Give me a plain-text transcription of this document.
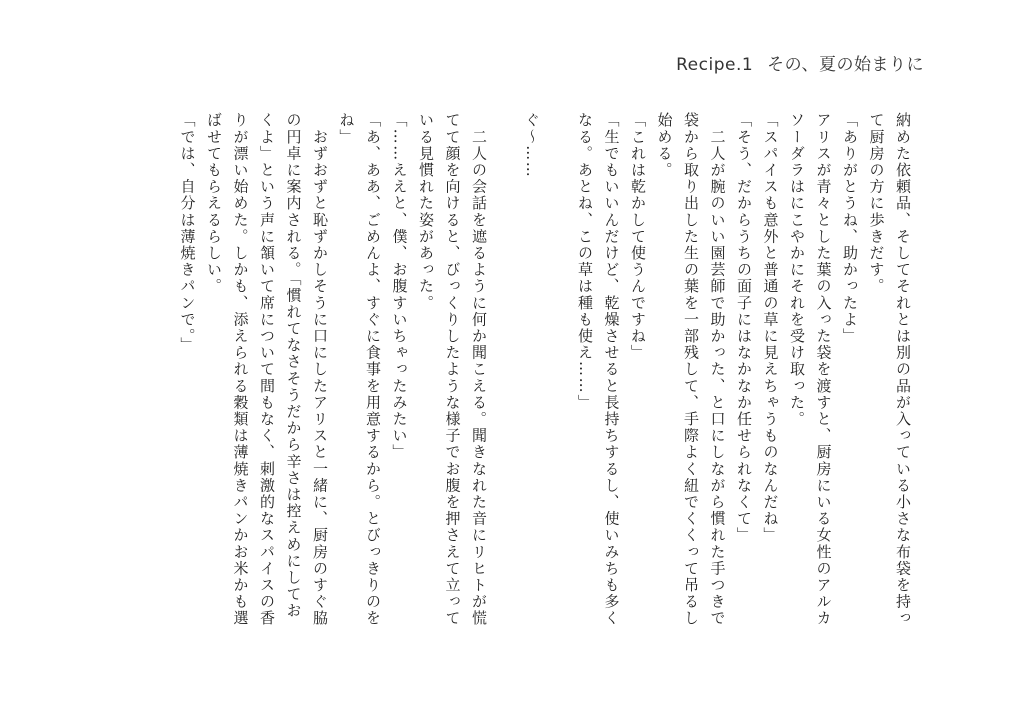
Recipe.1 その、夏の始まりに

納めた依頼品、そしてそれとは別の品が入っている小さな布袋を持っ

て厨房の方に歩きだす。

「ありがとうね、助かったよ」

アリスが青々とした葉の入った袋を渡すと、厨房にいる女性のアルカ

ソーダラはにこやかにそれを受け取った。

「スパイスも意外と普通の草に見えちゃうものなんだね」

「そう、だからうちの面子にはなかなか任せられなくて」

　二人が腕のいい園芸師で助かった、と口にしながら慣れた手つきで

袋から取り出した生の葉を一部残して、手際よく紐でくくって吊るし

始める。

「これは乾かして使うんですね」

「生でもいいんだけど、乾燥させると長持ちするし、使いみちも多く

なる。あとね、この草は種も使え……」

ぐ～……

　二人の会話を遮るように何か聞こえる。聞きなれた音にリヒトが慌

てて顔を向けると、びっくりしたような様子でお腹を押さえて立って

いる見慣れた姿があった。

「……ええと、僕、お腹すいちゃったみたい」

「あ、ああ、ごめんよ、すぐに食事を用意するから。とびっきりのを

ね」

　おずおずと恥ずかしそうに口にしたアリスと一緒に、厨房のすぐ脇

の円卓に案内される。「慣れてなさそうだから辛さは控えめにしてお

くよ」という声に頷いて席について間もなく、刺激的なスパイスの香

りが漂い始めた。しかも、添えられる穀類は薄焼きパンかお米かも選

ばせてもらえるらしい。

「では、自分は薄焼きパンで。」
